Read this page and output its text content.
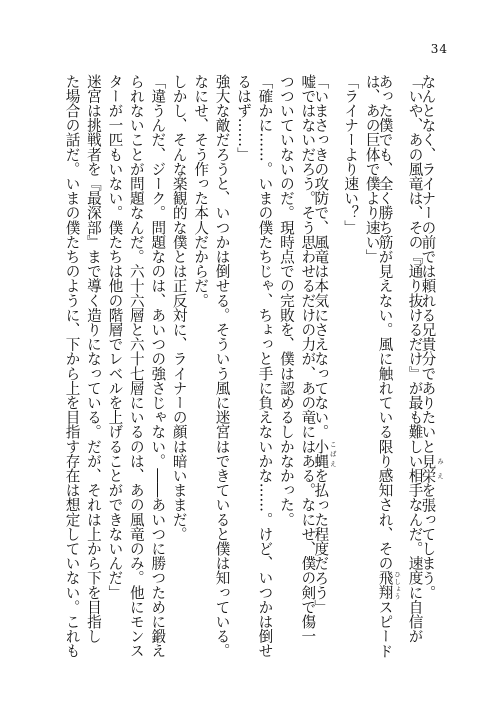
34
なんとなく、ライナーの前では頼れる兄貴分でありたいと見栄 みえを張ってしまう。
「いや、あの風竜は、その『通り抜けるだけ』が最も難しい相手なんだ。速度に自信が
あった僕でも、全く勝ち筋が見えない。風に触れている限り感知され、その飛翔 ひしょうスピード
は、あの巨体で僕より速い」
「ライナーより速い？」
「いまさっきの攻防で、風竜は本気にさえなってない。小蝿 こばえを払った程度だろう」
嘘ではないだろう。そう思わせるだけの力が、あの竜にはある。なにせ、僕の剣で傷一
つついていないのだ。現時点での完敗を、僕は認めるしかなかった。
「確かに……。いまの僕たちじゃ、ちょっと手に負えないかな……。けど、いつかは倒せ
るはず……」
強大な敵だろうと、いつかは倒せる。そういう風に迷宮はできていると僕は知っている。
なにせ、そう作った本人だからだ。
しかし、そんな楽観的な僕とは正反対に、ライナーの顔は暗いままだ。
「違うんだ、ジーク。問題なのは、あいつの強さじゃない。――あいつに勝つために鍛え
られないことが問題なんだ。六十六層と六十七層にいるのは、あの風竜のみ。他にモンス
ターが一匹もいない。僕たちは他の階層でレベルを上げることができないんだ」
迷宮は挑戦者を『最深部』まで導く造りになっている。だが、それは上から下を目指し
た場合の話だ。いまの僕たちのように、下から上を目指す存在は想定していない。これも
